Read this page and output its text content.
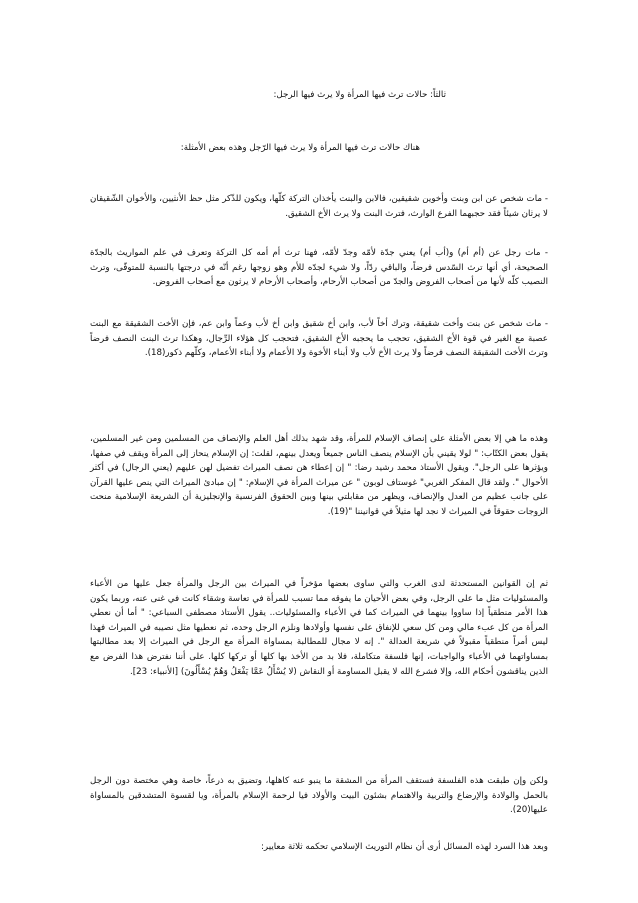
ثالثاً: حالات ترث فيها المرأة ولا يرث فيها الرجل:

هناك حالات ترث فيها المرأة ولا يرث فيها الرّجل وهذه بعض الأمثلة:

- مات شخص عن ابن وبنت وأخوين شقيقين، فالابن والبنت يأخذان التركة كلّها، ويكون للذّكر مثل حظ الأنثيين، والأخوان الشّقيقان لا يرثان شيئاً فقد حجبهما الفرع الوارث، فترث البنت ولا يرث الأخ الشقيق.

- مات رجل عن (أم أم) و(أب أم) يعني جدّة لأمّه وجدّ لأمّه، فهنا ترث أم أمه كل التركة وتعرف في علم المواريث بالجدّة الصحيحة، أي أنها ترث السّدس فرضاً، والباقي ردّاً، ولا شيء لجدّه للأم وهو زوجها رغم أنّه في درجتها بالنسبة للمتوفّى، وترث النصيب كلّه لأنها من أصحاب الفروض والجدّ من أصحاب الأرحام، وأصحاب الأرحام لا يرثون مع أصحاب الفروض.

- مات شخص عن بنت وأخت شقيقة، وترك أخاً لأب، وابن أخ شقيق وابن أخ لأب وعماً وابن عم، فإن الأخت الشقيقة مع البنت عصبة مع الغير في قوة الأخ الشقيق، تحجب ما يحجبه الأخ الشقيق، فتحجب كل هؤلاء الرِّجال، وهكذا ترث البنت النصف فرضاً وترث الأخت الشقيقة النصف فرضاً ولا يرث الأخ لأب ولا أبناء الأخوة ولا الأعمام ولا أبناء الأعمام، وكلّهم ذكور(18).

وهذه ما هي إلا بعض الأمثلة على إنصاف الإسلام للمرأة، وقد شهد بذلك أهل العلم والإنصاف من المسلمين ومن غير المسلمين، يقول بعض الكتّاب: " لولا يقيني بأن الإسلام ينصف الناس جميعاً ويعدل بينهم، لقلت: إن الإسلام ينحاز إلى المرأة ويقف في صفها، ويؤثرها على الرجل". ويقول الأستاذ محمد رشيد رضا: " إن إعطاء هن نصف الميراث تفضيل لهن عليهم (يعني الرجال) في أكثر الأحوال ". ولقد قال المفكر الغربي" غوستاف لوبون " عن ميراث المرأة في الإسلام: " إن مبادئ الميراث التي ينص عليها القرآن على جانب عظيم من العدل والإنصاف، ويظهر من مقابلتي بينها وبين الحقوق الفرنسية والإنجليزية أن الشريعة الإسلامية منحت الزوجات حقوقاً في الميراث لا نجد لها مثيلاً في قوانيننا "(19).

ثم إن القوانين المستحدثة لدى الغرب والتي ساوى بعضها مؤخراً في الميراث بين الرجل والمرأة جعل عليها من الأعباء والمسئوليات مثل ما على الرجل، وفي بعض الأحيان ما يفوقه مما تسبب للمرأة في تعاسة وشقاء كانت في غنى عنه، وربما يكون هذا الأمر منطقياً إذا ساووا بينهما في الميراث كما في الأعباء والمسئوليات.. يقول الأستاذ مصطفى السباعي: " أما أن نعطي المرأة من كل عبء مالي ومن كل سعي للإنفاق على نفسها وأولادها ونلزم الرجل وحده، ثم نعطيها مثل نصيبه في الميراث فهذا ليس أمراً منطقياً مقبولاً في شريعة العدالة ". إنه لا مجال للمطالبة بمساواة المرأة مع الرجل في الميراث إلا بعد مطالبتها بمساواتهما في الأعباء والواجبات، إنها فلسفة متكاملة، فلا بد من الأخذ بها كلها أو تركها كلها. على أننا نفترض هذا الفرض مع الذين يناقشون أحكام الله، وإلا فشرع الله لا يقبل المساومة أو النقاش (لا يُسْأَلُ عَمَّا يَفْعَلُ وَهُمْ يُسْأَلُونَ) [الأنبياء: 23].

ولكن وإن طبقت هذه الفلسفة فستقف المرأة من المشقة ما ينبو عنه كاهلها، وتضيق به ذرعاً، خاصة وهي مختصة دون الرجل بالحمل والولادة والإرضاع والتربية والاهتمام بشئون البيت والأولاد فيا لرحمة الإسلام بالمرأة، ويا لقسوة المتشدقين بالمساواة عليها(20).

وبعد هذا السرد لهذه المسائل أرى أن نظام التوريث الإسلامي تحكمه ثلاثة معايير:
